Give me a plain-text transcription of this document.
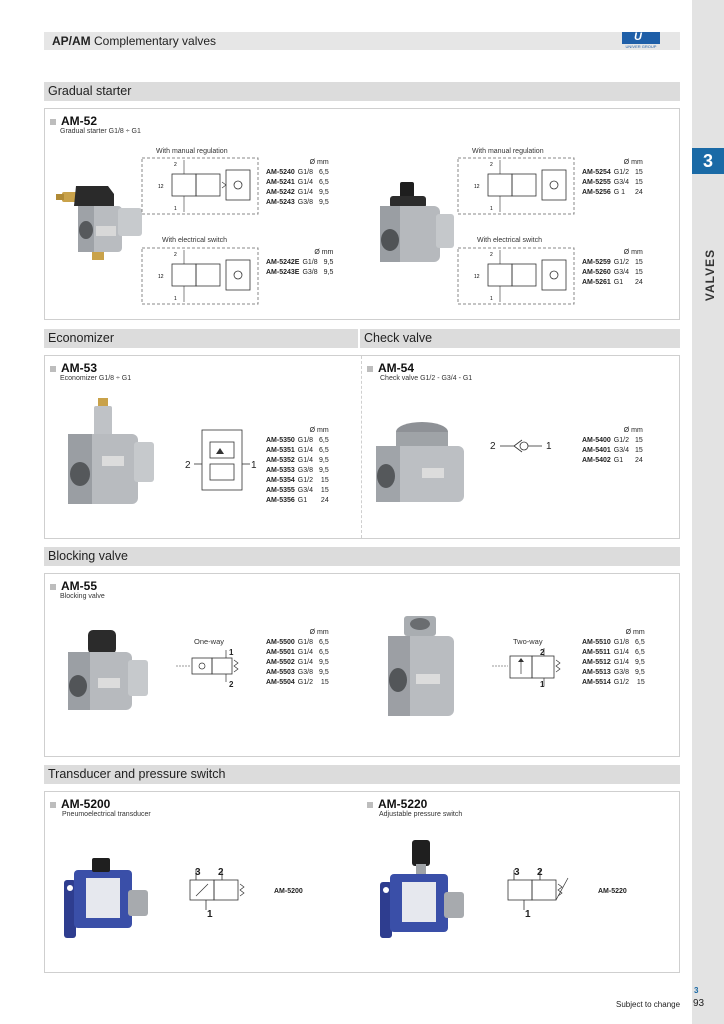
3
VALVES
AP/AM Complementary valves	U
UNIVER GROUP
Gradual starter
AM-52
Gradual starter G1/8 ÷ G1
2
12
1
2
12
1
With manual regulation
With electrical switch
Ø mm
AM-5240	G1/8	6,5
AM-5241	G1/4	6,5
AM-5242	G1/4	9,5
AM-5243	G3/8	9,5
Ø mm
AM-5242E	G1/8	9,5
AM-5243E	G3/8	9,5
2
12
1
2
12
1
With manual regulation
With electrical switch
Ø mm
AM-5254	G1/2	15
AM-5255	G3/4	15
AM-5256	G 1	24
Ø mm
AM-5259	G1/2	15
AM-5260	G3/4	15
AM-5261	G1	24
Economizer	Check valve
AM-53
Economizer G1/8 ÷ G1
2	1
Ø mm
AM-5350	G1/8	6,5
AM-5351	G1/4	6,5
AM-5352	G1/4	9,5
AM-5353	G3/8	9,5
AM-5354	G1/2	15
AM-5355	G3/4	15
AM-5356	G1	24
AM-54
Check valve G1/2 - G3/4 - G1
2	1
Ø mm
AM-5400	G1/2	15
AM-5401	G3/4	15
AM-5402	G1	24
Blocking valve
AM-55
Blocking valve
One-way
1
2
Ø mm
AM-5500	G1/8	6,5
AM-5501	G1/4	6,5
AM-5502	G1/4	9,5
AM-5503	G3/8	9,5
AM-5504	G1/2	15
Two-way
2
1
Ø mm
AM-5510	G1/8	6,5
AM-5511	G1/4	6,5
AM-5512	G1/4	9,5
AM-5513	G3/8	9,5
AM-5514	G1/2	15
Transducer and pressure switch
AM-5200
Pneumoelectrical transducer
3 2
1
AM-5200
AM-5220
Adjustable pressure switch
3 2
1
AM-5220
3
Subject to change 93
